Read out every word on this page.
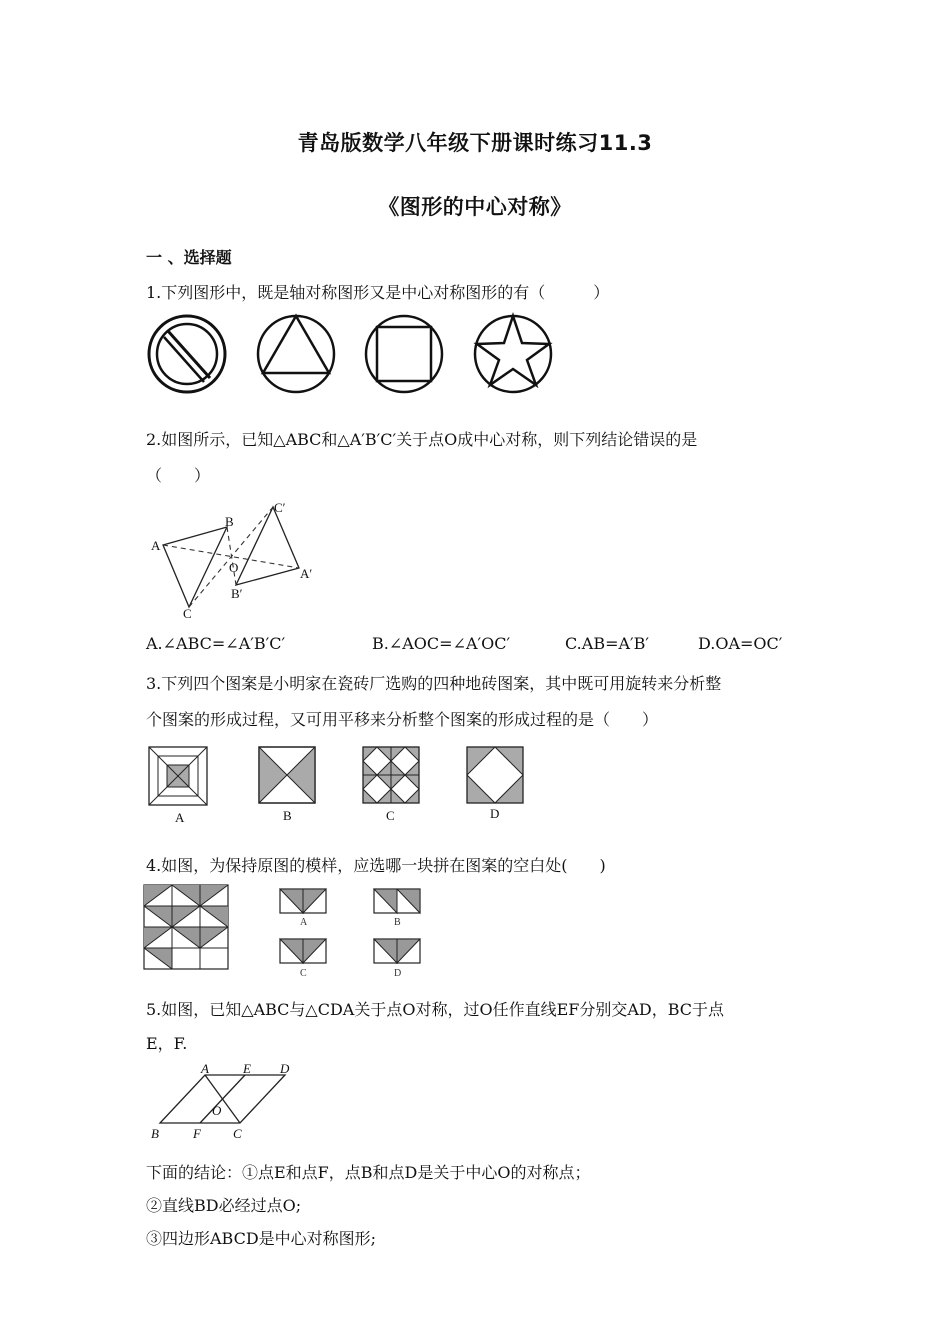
青岛版数学八年级下册课时练习11.3
《图形的中心对称》
一 、选择题
1.下列图形中，既是轴对称图形又是中心对称图形的有（　　　）
2.如图所示，已知△ABC和△A′B′C′关于点O成中心对称，则下列结论错误的是
（　　）
A
B
C
A′
B′
C′
O
A.∠ABC=∠A′B′C′	B.∠AOC=∠A′OC′	C.AB=A′B′	D.OA=OC′
3.下列四个图案是小明家在瓷砖厂选购的四种地砖图案，其中既可用旋转来分析整
个图案的形成过程，又可用平移来分析整个图案的形成过程的是（　　）
A	B	C	D
4.如图，为保持原图的模样，应选哪一块拼在图案的空白处(　　)
A	B
C	D
5.如图，已知△ABC与△CDA关于点O对称，过O任作直线EF分别交AD，BC于点
E，F.
A	E D
O
B	F C
下面的结论：①点E和点F，点B和点D是关于中心O的对称点；
②直线BD必经过点O;
③四边形ABCD是中心对称图形;
